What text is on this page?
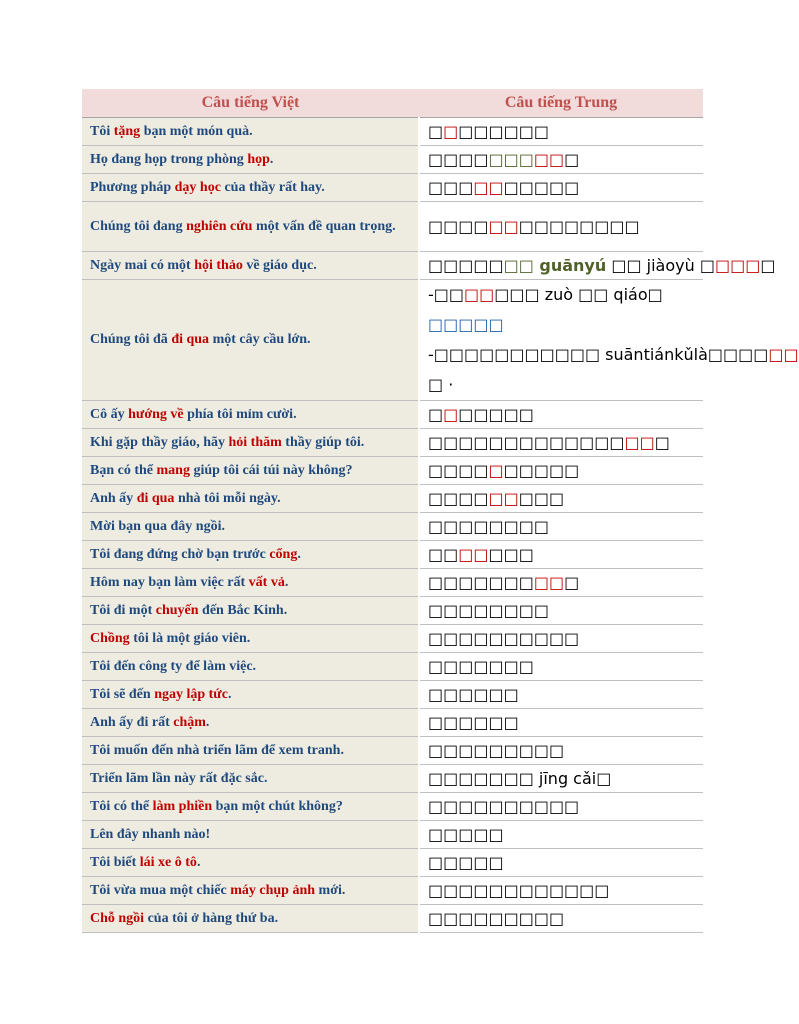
Câu tiếng Việt	Câu tiếng Trung
Tôi tặng bạn một món quà.	□□□□□□□□

Họ đang họp trong phòng họp.	□□□□□□□□□□

Phương pháp dạy học của thầy rất hay.	□□□□□□□□□□

Chúng tôi đang nghiên cứu một vấn đề quan trọng.	□□□□□□□□□□□□□□

Ngày mai có một hội thảo về giáo dục.	□□□□□□□ guānyú □□ jiàoyù □□□□□

Chúng tôi đã đi qua một cây cầu lớn.	-□□□□□□□ zuò □□ qiáo□
□□□□□
-□□□□□□□□□□□ suāntiánkǔlà□□□□□□
□ ·

Cô ấy hướng về phía tôi mỉm cười.	□□□□□□□

Khi gặp thầy giáo, hãy hỏi thăm thầy giúp tôi.	□□□□□□□□□□□□□□□□

Bạn có thể mang giúp tôi cái túi này không?	□□□□□□□□□□

Anh ấy đi qua nhà tôi mỗi ngày.	□□□□□□□□□

Mời bạn qua đây ngồi.	□□□□□□□□

Tôi đang đứng chờ bạn trước cổng.	□□□□□□□

Hôm nay bạn làm việc rất vất vả.	□□□□□□□□□□

Tôi đi một chuyến đến Bắc Kinh.	□□□□□□□□

Chồng tôi là một giáo viên.	□□□□□□□□□□

Tôi đến công ty để làm việc.	□□□□□□□

Tôi sẽ đến ngay lập tức.	□□□□□□

Anh ấy đi rất chậm.	□□□□□□

Tôi muốn đến nhà triển lãm để xem tranh.	□□□□□□□□□

Triển lãm lần này rất đặc sắc.	□□□□□□□ jīng cǎi□

Tôi có thể làm phiền bạn một chút không?	□□□□□□□□□□

Lên đây nhanh nào!	□□□□□

Tôi biết lái xe ô tô.	□□□□□

Tôi vừa mua một chiếc máy chụp ảnh mới.	□□□□□□□□□□□□

Chỗ ngồi của tôi ở hàng thứ ba.	□□□□□□□□□
